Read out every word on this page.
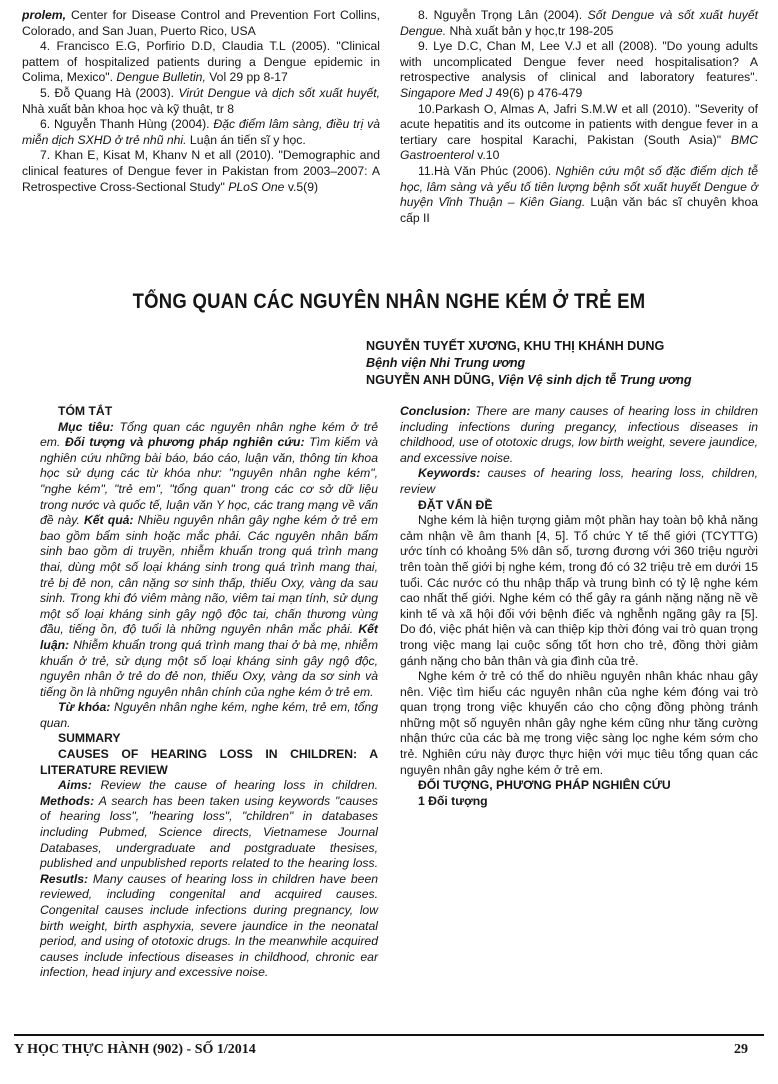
prolem, Center for Disease Control and Prevention Fort Collins, Colorado, and San Juan, Puerto Rico, USA

4. Francisco E.G, Porfirio D.D, Claudia T.L (2005). "Clinical pattem of hospitalized patients during a Dengue epidemic in Colima, Mexico". Dengue Bulletin, Vol 29 pp 8-17

5. Đỗ Quang Hà (2003). Virút Dengue và dịch sốt xuất huyết, Nhà xuất bản khoa học và kỹ thuật, tr 8

6. Nguyễn Thanh Hùng (2004). Đặc điểm lâm sàng, điều trị và miễn dịch SXHD ở trẻ nhũ nhi. Luận án tiến sĩ y học.

7. Khan E, Kisat M, Khanv N et all (2010). "Demographic and clinical features of Dengue fever in Pakistan from 2003–2007: A Retrospective Cross-Sectional Study" PLoS One v.5(9)

8. Nguyễn Trọng Lân (2004). Sốt Dengue và sốt xuất huyết Dengue. Nhà xuất bản y học,tr 198-205

9. Lye D.C, Chan M, Lee V.J et all (2008). "Do young adults with uncomplicated Dengue fever need hospitalisation? A retrospective analysis of clinical and laboratory features". Singapore Med J 49(6) p 476-479

10.Parkash O, Almas A, Jafri S.M.W et all (2010). "Severity of acute hepatitis and its outcome in patients with dengue fever in a tertiary care hospital Karachi, Pakistan (South Asia)" BMC Gastroenterol v.10

11.Hà Văn Phúc (2006). Nghiên cứu một số đặc điểm dịch tễ học, lâm sàng và yếu tố tiên lượng bệnh sốt xuất huyết Dengue ở huyện Vĩnh Thuận – Kiên Giang. Luận văn bác sĩ chuyên khoa cấp II

TỔNG QUAN CÁC NGUYÊN NHÂN NGHE KÉM Ở TRẺ EM
NGUYỄN TUYẾT XƯƠNG, KHU THỊ KHÁNH DUNG
Bệnh viện Nhi Trung ương
NGUYỄN ANH DŨNG, Viện Vệ sinh dịch tễ Trung ương

TÓM TẮT

Mục tiêu: Tổng quan các nguyên nhân nghe kém ở trẻ em. Đối tượng và phương pháp nghiên cứu: Tìm kiếm và nghiên cứu những bài báo, báo cáo, luận văn, thông tin khoa học sử dụng các từ khóa như: "nguyên nhân nghe kém", "nghe kém", "trẻ em", "tổng quan" trong các cơ sở dữ liệu trong nước và quốc tế, luận văn Y học, các trang mạng về vấn đề này. Kết quả: Nhiều nguyên nhân gây nghe kém ở trẻ em bao gồm bẩm sinh hoặc mắc phải. Các nguyên nhân bẩm sinh bao gồm di truyền, nhiễm khuẩn trong quá trình mang thai, dùng một số loại kháng sinh trong quá trình mang thai, trẻ bị đẻ non, cân nặng sơ sinh thấp, thiếu Oxy, vàng da sau sinh. Trong khi đó viêm màng não, viêm tai mạn tính, sử dụng một số loại kháng sinh gây ngộ độc tai, chấn thương vùng đầu, tiếng ồn, độ tuổi là những nguyên nhân mắc phải. Kết luận: Nhiễm khuẩn trong quá trình mang thai ở bà mẹ, nhiễm khuẩn ở trẻ, sử dụng một số loại kháng sinh gây ngộ độc, nguyên nhân ở trẻ do đẻ non, thiếu Oxy, vàng da sơ sinh và tiếng ồn là những nguyên nhân chính của nghe kém ở trẻ em.

Từ khóa: Nguyên nhân nghe kém, nghe kém, trẻ em, tổng quan.

SUMMARY

CAUSES OF HEARING LOSS IN CHILDREN: A LITERATURE REVIEW

Aims: Review the cause of hearing loss in children. Methods: A search has been taken using keywords "causes of hearing loss", "hearing loss", "children" in databases including Pubmed, Science directs, Vietnamese Journal Databases, undergraduate and postgraduate thesises, published and unpublished reports related to the hearing loss. Resutls: Many causes of hearing loss in children have been reviewed, including congenital and acquired causes. Congenital causes include infections during pregnancy, low birth weight, birth asphyxia, severe jaundice in the neonatal period, and using of ototoxic drugs. In the meanwhile acquired causes include infectious diseases in childhood, chronic ear infection, head injury and excessive noise.

Conclusion: There are many causes of hearing loss in children including infections during pregancy, infectious diseases in childhood, use of ototoxic drugs, low birth weight, severe jaundice, and excessive noise.

Keywords: causes of hearing loss, hearing loss, children, review

ĐẶT VẤN ĐỀ

Nghe kém là hiện tượng giảm một phần hay toàn bộ khả năng cảm nhận về âm thanh [4, 5]. Tổ chức Y tế thế giới (TCYTTG) ước tính có khoảng 5% dân số, tương đương với 360 triệu người trên toàn thế giới bị nghe kém, trong đó có 32 triệu trẻ em dưới 15 tuổi. Các nước có thu nhập thấp và trung bình có tỷ lệ nghe kém cao nhất thế giới. Nghe kém có thể gây ra gánh nặng nặng nề về kinh tế và xã hội đối với bệnh điếc và nghễnh ngãng gây ra [5]. Do đó, việc phát hiện và can thiệp kịp thời đóng vai trò quan trọng trong việc mang lại cuộc sống tốt hơn cho trẻ, đồng thời giảm gánh nặng cho bản thân và gia đình của trẻ.

Nghe kém ở trẻ có thể do nhiều nguyên nhân khác nhau gây nên. Việc tìm hiểu các nguyên nhân của nghe kém đóng vai trò quan trọng trong việc khuyến cáo cho cộng đồng phòng tránh những một số nguyên nhân gây nghe kém cũng như tăng cường nhận thức của các bà mẹ trong việc sàng lọc nghe kém sớm cho trẻ. Nghiên cứu này được thực hiện với mục tiêu tổng quan các nguyên nhân gây nghe kém ở trẻ em.

ĐỐI TƯỢNG, PHƯƠNG PHÁP NGHIÊN CỨU

1 Đối tượng

Y HỌC THỰC HÀNH (902) - SỐ 1/2014	29
